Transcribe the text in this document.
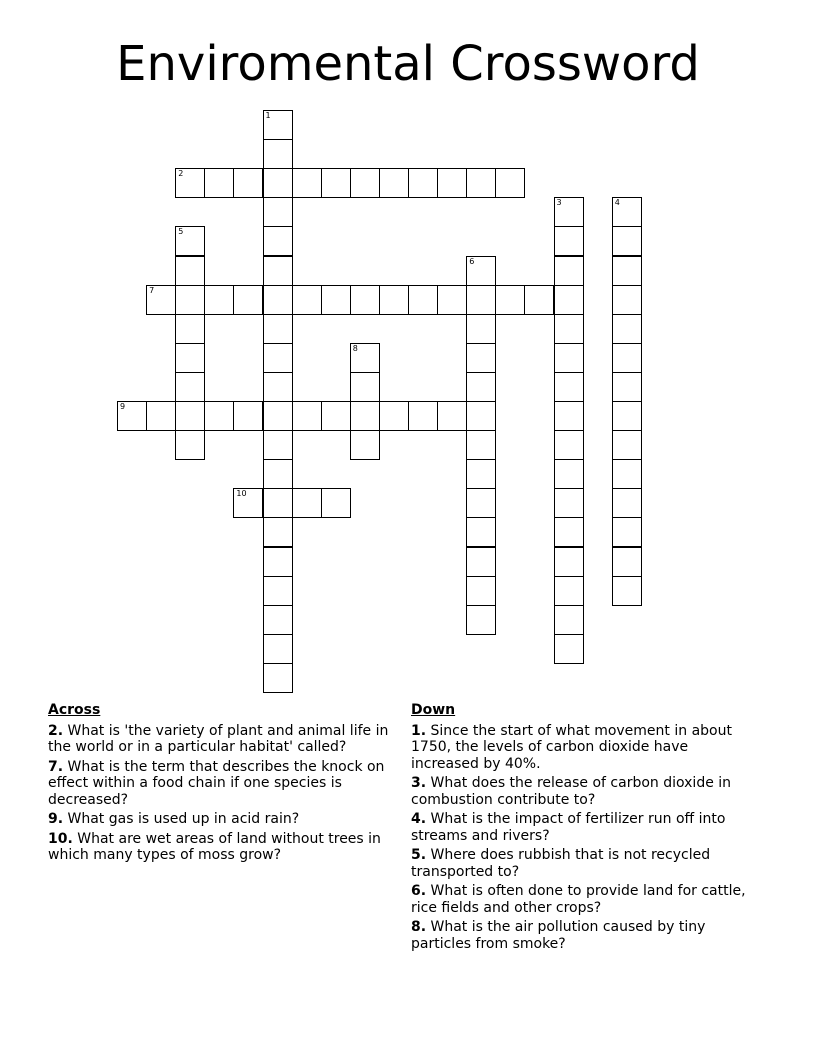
Enviromental Crossword
1
2
3	4
5
6
7
8
9
10
Across
2. What is 'the variety of plant and animal life in the world or in a particular habitat' called?
7. What is the term that describes the knock on effect within a food chain if one species is decreased?
9. What gas is used up in acid rain?
10. What are wet areas of land without trees in which many types of moss grow?
Down
1. Since the start of what movement in about 1750, the levels of carbon dioxide have increased by 40%.
3. What does the release of carbon dioxide in combustion contribute to?
4. What is the impact of fertilizer run off into streams and rivers?
5. Where does rubbish that is not recycled transported to?
6. What is often done to provide land for cattle, rice fields and other crops?
8. What is the air pollution caused by tiny particles from smoke?
